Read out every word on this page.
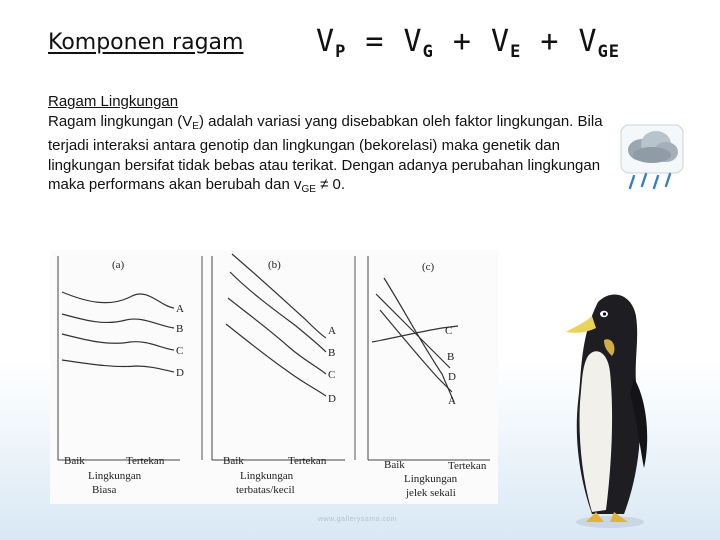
Komponen ragam $V_P = V_G + V_E + V_{GE}$
Ragam Lingkungan
Ragam lingkungan $(V_E)$ adalah variasi yang disebabkan oleh faktor lingkungan. Bila terjadi interaksi antara genotip dan lingkungan (bekorelasi) maka genetik dan lingkungan bersifat tidak bebas atau terikat. Dengan adanya perubahan lingkungan maka performans akan berubah dan $v_{GE} \ne 0$.
(a)
A
B
C
D
Baik	Tertekan
Lingkungan
Biasa
(b)
A
B
C
D
Baik	Tertekan
Lingkungan
terbatas/kecil
(c)
C
B
D
A
Baik	Tertekan
Lingkungan
jelek sekali
www.gallerysamo.com
